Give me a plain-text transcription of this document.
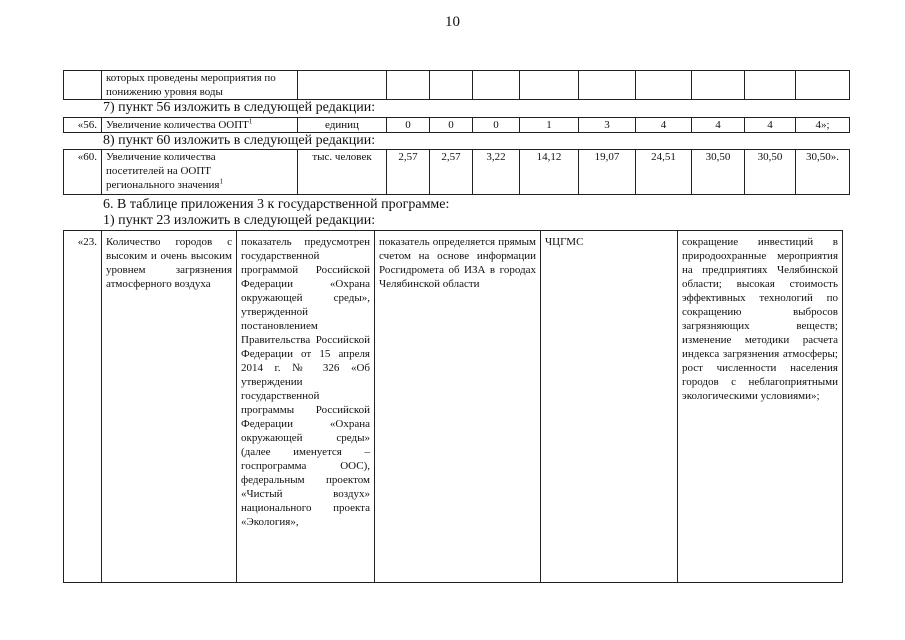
10
	которых проведены мероприятия по понижению уровня воды										
7) пункт 56 изложить в следующей редакции:
«56.	Увеличение количества ООПТ$^1$	единиц	0	0	0	1	3	4	4	4	4»;
8) пункт 60 изложить в следующей редакции:
«60.	Увеличение количества посетителей на ООПТ регионального значения$^1$	тыс. человек	2,57	2,57	3,22	14,12	19,07	24,51	30,50	30,50	30,50».
6. В таблице приложения 3 к государственной программе:
1) пункт 23 изложить в следующей редакции:
«23.	Количество городов с высоким и очень высоким уровнем загрязнения атмосферного воздуха	показатель предусмотрен государственной программой Российской Федерации «Охрана окружающей среды», утвержденной постановлением Правительства Российской Федерации от 15 апреля 2014 г. № 326 «Об утверждении государственной программы Российской Федерации «Охрана окружающей среды» (далее именуется – госпрограмма ООС), федеральным проектом «Чистый воздух» национального проекта «Экология»,	показатель определяется прямым счетом на основе информации Росгидромета об ИЗА в городах Челябинской области	ЧЦГМС	сокращение инвестиций в природоохранные мероприятия на предприятиях Челябинской области; высокая стоимость эффективных технологий по сокращению выбросов загрязняющих веществ; изменение методики расчета индекса загрязнения атмосферы; рост численности населения городов с неблагоприятными экологическими условиями»;
